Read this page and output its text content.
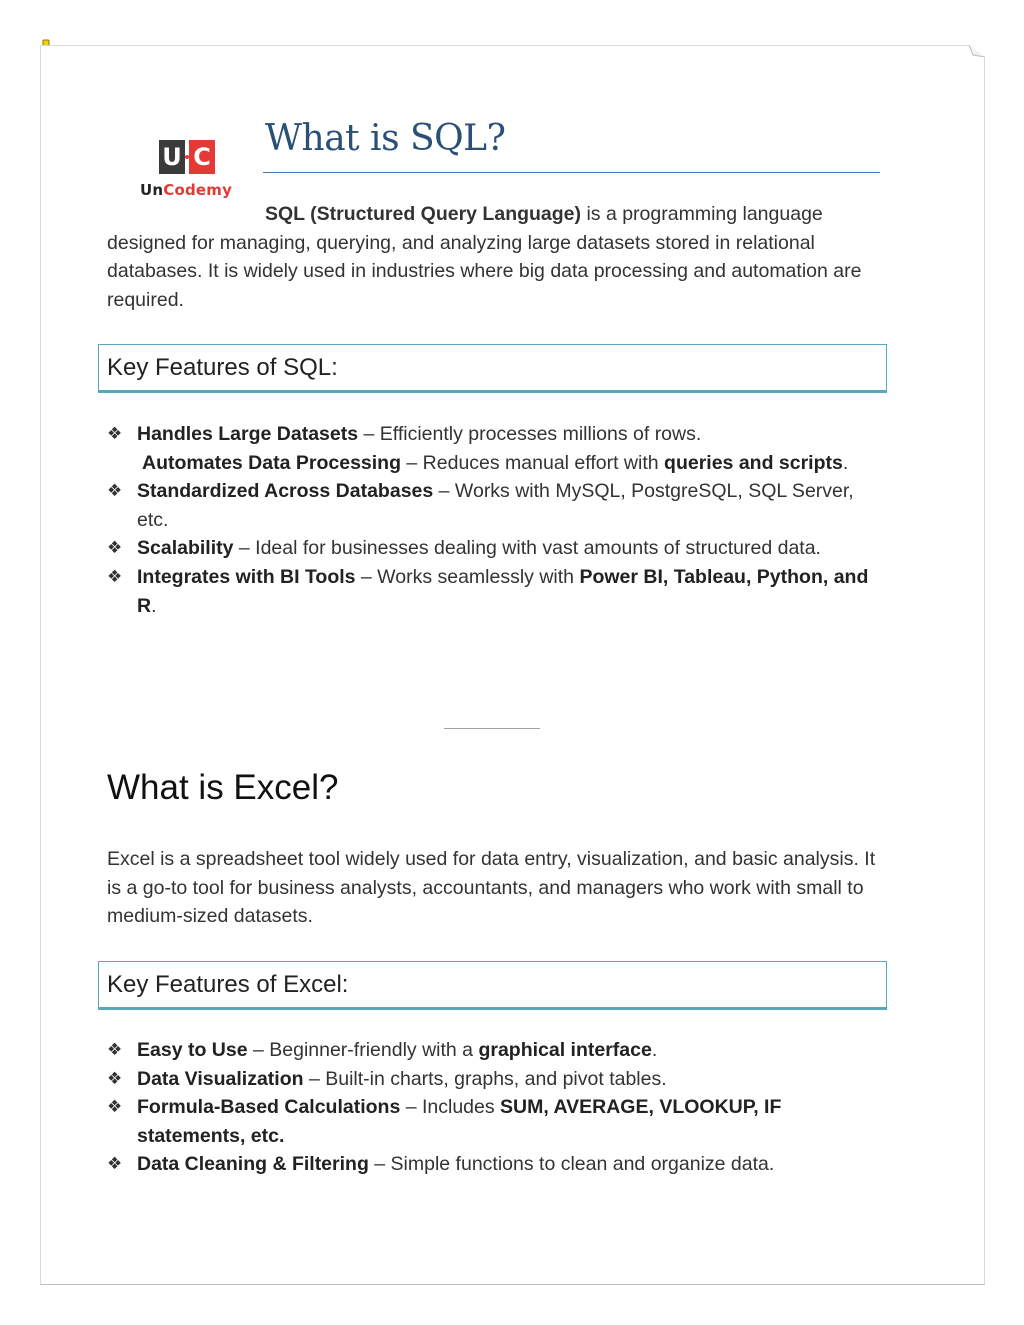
U C
UnCodemy
What is SQL?

SQL (Structured Query Language) is a programming language designed for managing, querying, and analyzing large datasets stored in relational databases. It is widely used in industries where big data processing and automation are required.

Key Features of SQL:
❖ Handles Large Datasets – Efficiently processes millions of rows.
Automates Data Processing – Reduces manual effort with queries and scripts.
❖ Standardized Across Databases – Works with MySQL, PostgreSQL, SQL Server, etc.
❖ Scalability – Ideal for businesses dealing with vast amounts of structured data.
❖ Integrates with BI Tools – Works seamlessly with Power BI, Tableau, Python, and R.
What is Excel?

Excel is a spreadsheet tool widely used for data entry, visualization, and basic analysis. It is a go-to tool for business analysts, accountants, and managers who work with small to medium-sized datasets.

Key Features of Excel:
❖ Easy to Use – Beginner-friendly with a graphical interface.
❖ Data Visualization – Built-in charts, graphs, and pivot tables.
❖ Formula-Based Calculations – Includes SUM, AVERAGE, VLOOKUP, IF statements, etc.
❖ Data Cleaning & Filtering – Simple functions to clean and organize data.
